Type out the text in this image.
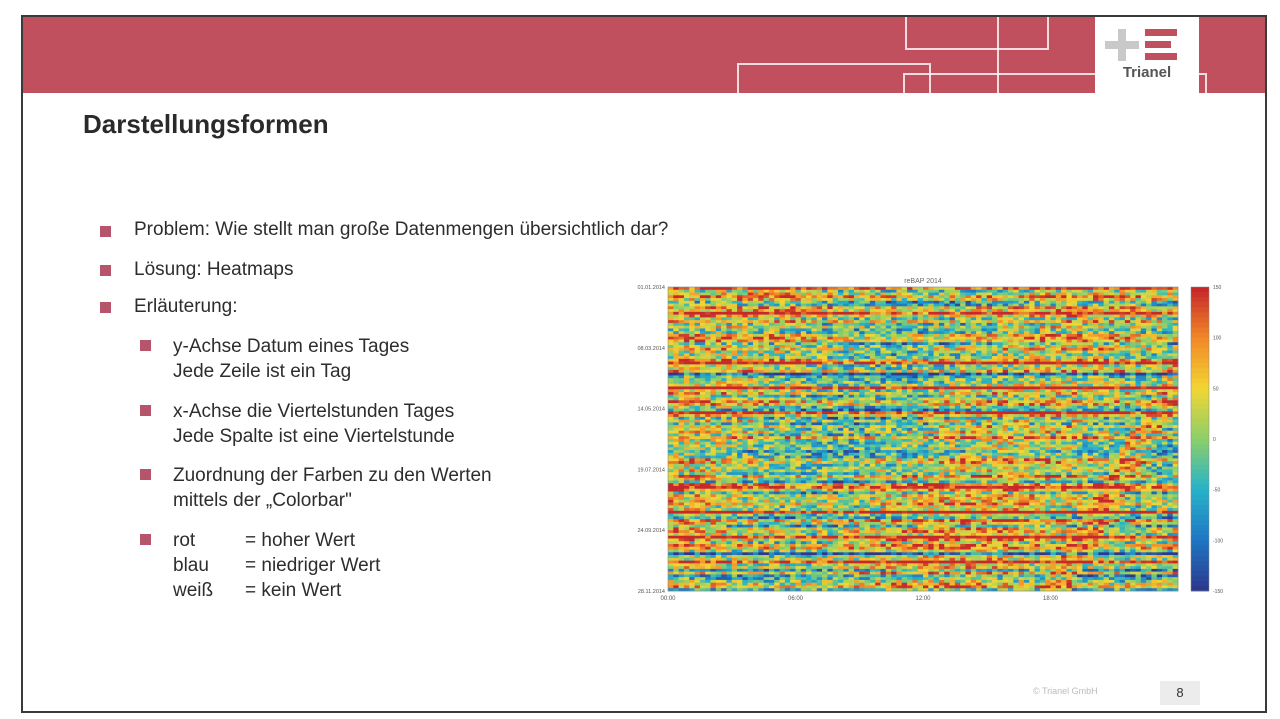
Trianel
Darstellungsformen
Problem: Wie stellt man große Datenmengen übersichtlich dar?
Lösung: Heatmaps
Erläuterung:
y-Achse Datum eines Tages
Jede Zeile ist ein Tag
x-Achse die Viertelstunden Tages
Jede Spalte ist eine Viertelstunde
Zuordnung der Farben zu den Werten
mittels der „Colorbar"
rot	= hoher Wert
blau = niedriger Wert
weiß = kein Wert
reBAP 2014
01.01.2014
08.03.2014
14.05.2014
19.07.2014
24.09.2014
28.11.2014
00:00	06:00	12:00	18:00
150
100
50
0
-50
-100
-150
© Trianel GmbH	8
